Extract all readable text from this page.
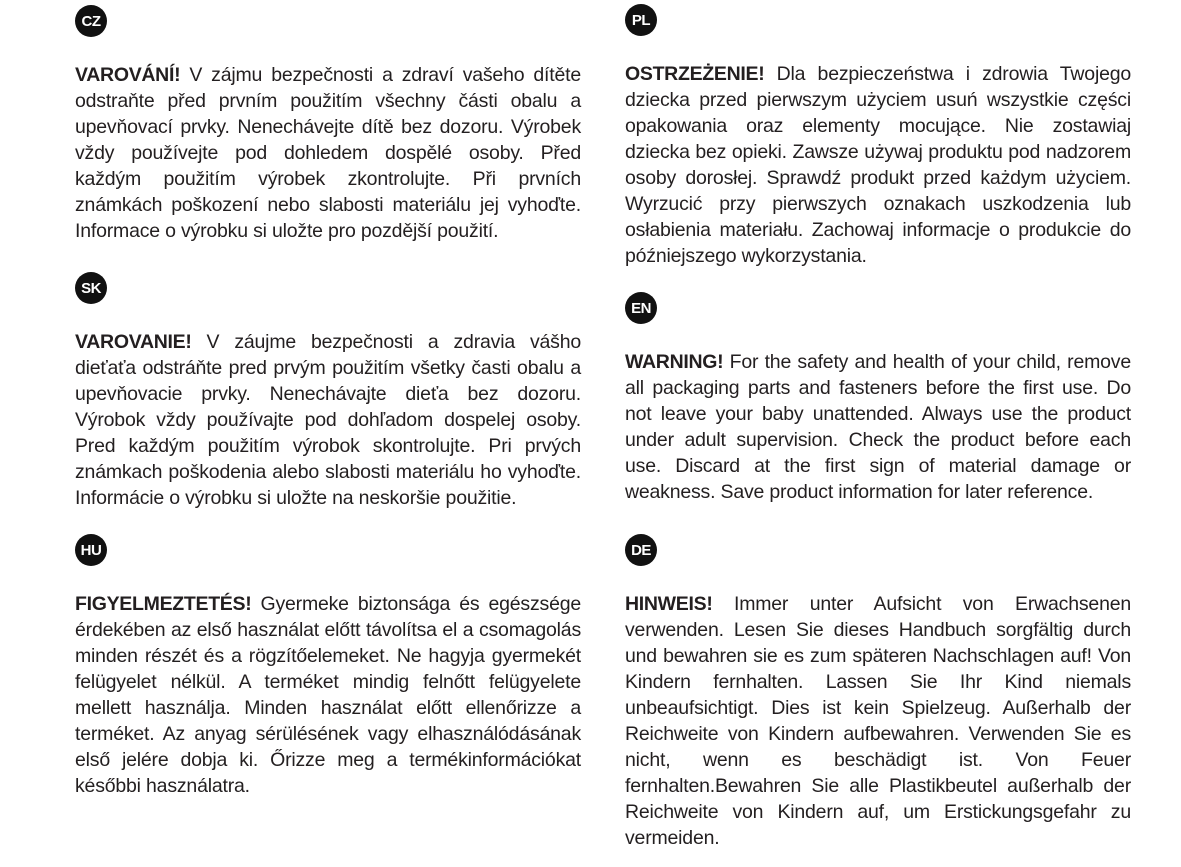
CZ

VAROVÁNÍ! V zájmu bezpečnosti a zdraví vašeho dítěte odstraňte před prvním použitím všechny části obalu a upevňovací prvky. Nenechávejte dítě bez dozoru. Výrobek vždy používejte pod dohledem dospělé osoby. Před každým použitím výrobek zkontrolujte. Při prvních známkách poškození nebo slabosti materiálu jej vyhoďte. Informace o výrobku si uložte pro pozdější použití.

SK

VAROVANIE! V záujme bezpečnosti a zdravia vášho dieťaťa odstráňte pred prvým použitím všetky časti obalu a upevňovacie prvky. Nenechávajte dieťa bez dozoru. Výrobok vždy používajte pod dohľadom dospelej osoby. Pred každým použitím výrobok skontrolujte. Pri prvých známkach poškodenia alebo slabosti materiálu ho vyhoďte. Informácie o výrobku si uložte na neskoršie použitie.

HU

FIGYELMEZTETÉS! Gyermeke biztonsága és egészsége érdekében az első használat előtt távolítsa el a csomagolás minden részét és a rögzítőelemeket. Ne hagyja gyermekét felügyelet nélkül. A terméket mindig felnőtt felügyelete mellett használja. Minden használat előtt ellenőrizze a terméket. Az anyag sérülésének vagy elhasználódásának első jelére dobja ki. Őrizze meg a termékinformációkat későbbi használatra.

PL

OSTRZEŻENIE! Dla bezpieczeństwa i zdrowia Twojego dziecka przed pierwszym użyciem usuń wszystkie części opakowania oraz elementy mocujące. Nie zostawiaj dziecka bez opieki. Zawsze używaj produktu pod nadzorem osoby dorosłej. Sprawdź produkt przed każdym użyciem. Wyrzucić przy pierwszych oznakach uszkodzenia lub osłabienia materiału. Zachowaj informacje o produkcie do późniejszego wykorzystania.

EN

WARNING! For the safety and health of your child, remove all packaging parts and fasteners before the first use. Do not leave your baby unattended. Always use the product under adult supervision. Check the product before each use. Discard at the first sign of material damage or weakness. Save product information for later reference.

DE

HINWEIS! Immer unter Aufsicht von Erwachsenen verwenden. Lesen Sie dieses Handbuch sorgfältig durch und bewahren sie es zum späteren Nachschlagen auf! Von Kindern fernhalten. Lassen Sie Ihr Kind niemals unbeaufsichtigt. Dies ist kein Spielzeug. Außerhalb der Reichweite von Kindern aufbewahren. Verwenden Sie es nicht, wenn es beschädigt ist. Von Feuer fernhalten.Bewahren Sie alle Plastikbeutel außerhalb der Reichweite von Kindern auf, um Erstickungsgefahr zu vermeiden.
